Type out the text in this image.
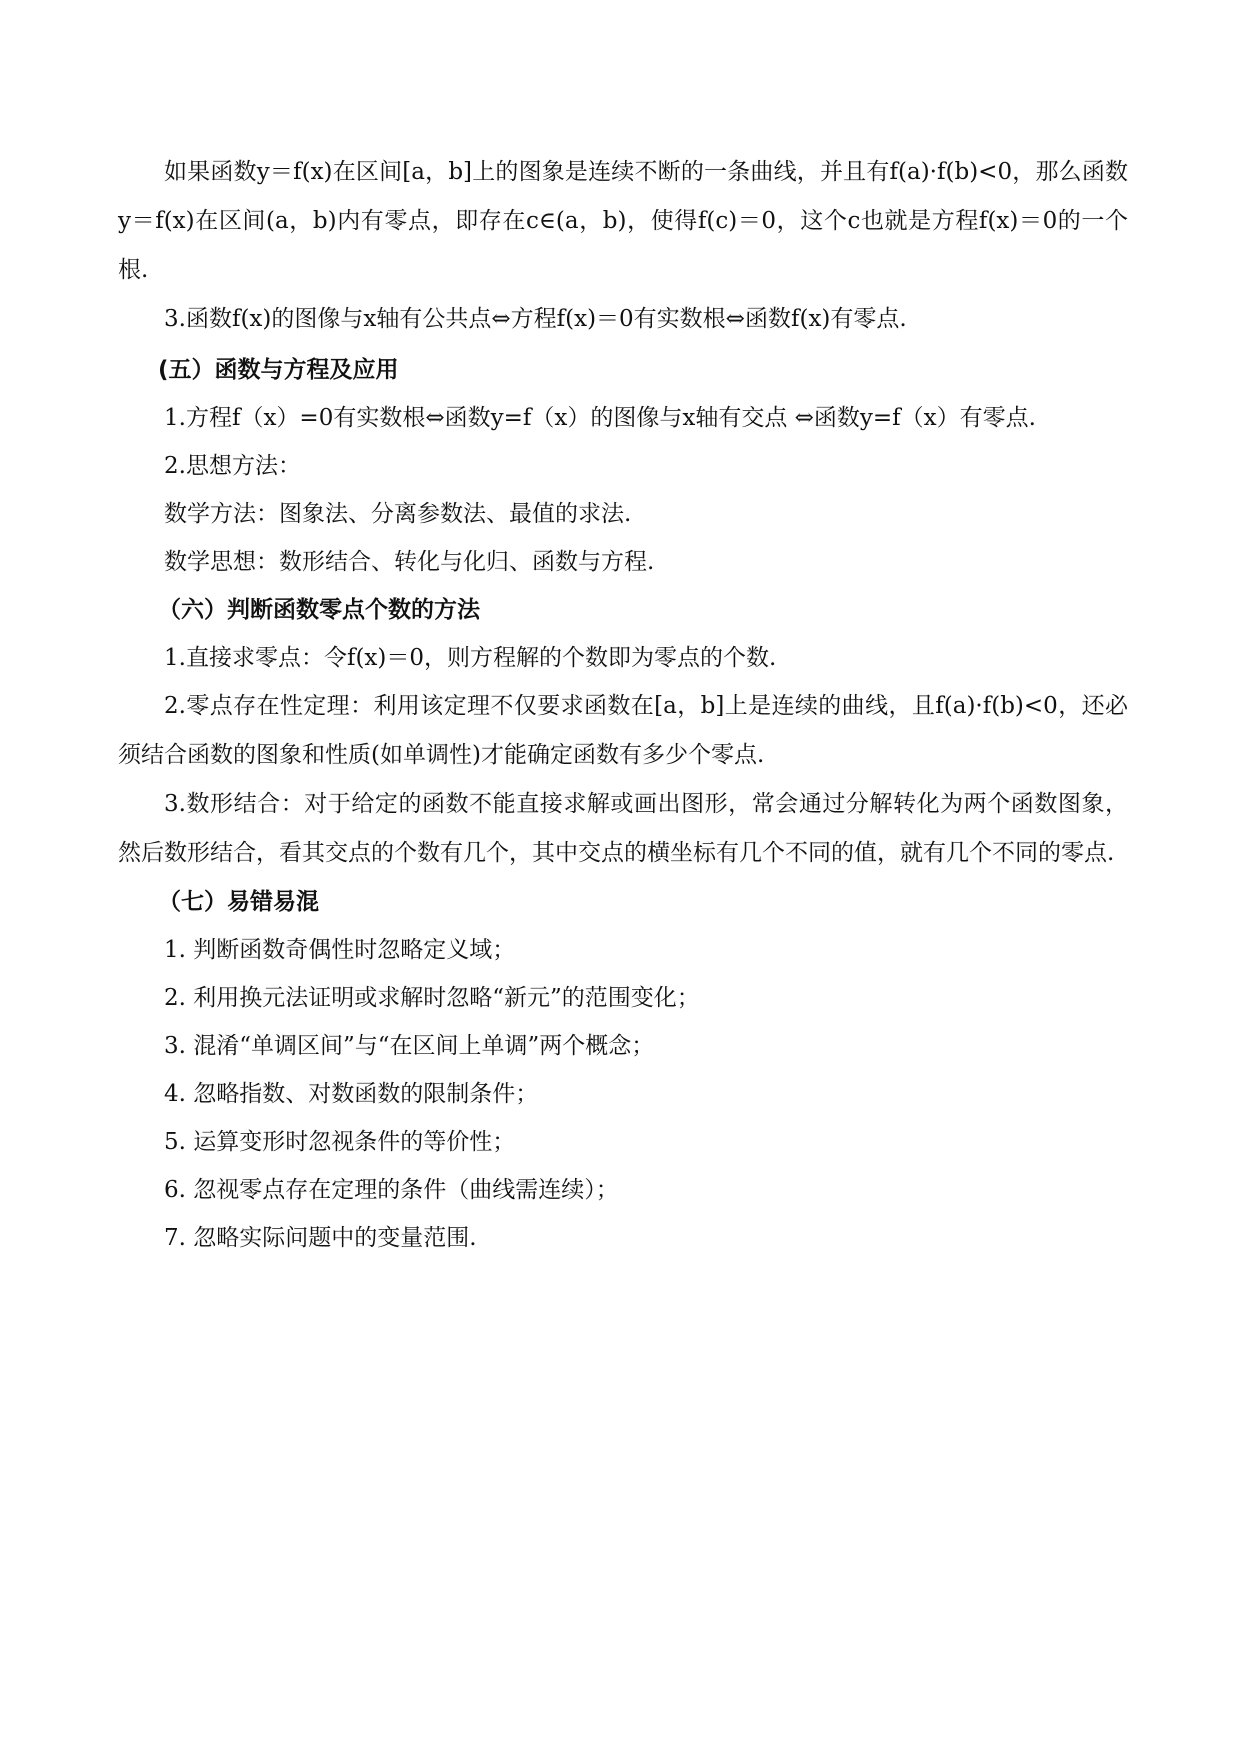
如果函数y＝f(x)在区间[a，b]上的图象是连续不断的一条曲线，并且有f(a)·f(b)<0，那么函数y＝f(x)在区间(a，b)内有零点，即存在c∈(a，b)，使得f(c)＝0，这个c也就是方程f(x)＝0的一个根.

3.函数f(x)的图像与x轴有公共点⇔方程f(x)＝0有实数根⇔函数f(x)有零点.

(五）函数与方程及应用

1.方程f（x）=0有实数根⇔函数y=f（x）的图像与x轴有交点 ⇔函数y=f（x）有零点.

2.思想方法：

数学方法：图象法、分离参数法、最值的求法.

数学思想：数形结合、转化与化归、函数与方程.

（六）判断函数零点个数的方法

1.直接求零点：令f(x)＝0，则方程解的个数即为零点的个数.

2.零点存在性定理：利用该定理不仅要求函数在[a，b]上是连续的曲线，且f(a)·f(b)<0，还必须结合函数的图象和性质(如单调性)才能确定函数有多少个零点.

3.数形结合：对于给定的函数不能直接求解或画出图形，常会通过分解转化为两个函数图象，然后数形结合，看其交点的个数有几个，其中交点的横坐标有几个不同的值，就有几个不同的零点.

（七）易错易混

1. 判断函数奇偶性时忽略定义域；

2. 利用换元法证明或求解时忽略“新元”的范围变化；

3. 混淆“单调区间”与“在区间上单调”两个概念；

4. 忽略指数、对数函数的限制条件；

5. 运算变形时忽视条件的等价性；

6. 忽视零点存在定理的条件（曲线需连续）；

7. 忽略实际问题中的变量范围.
